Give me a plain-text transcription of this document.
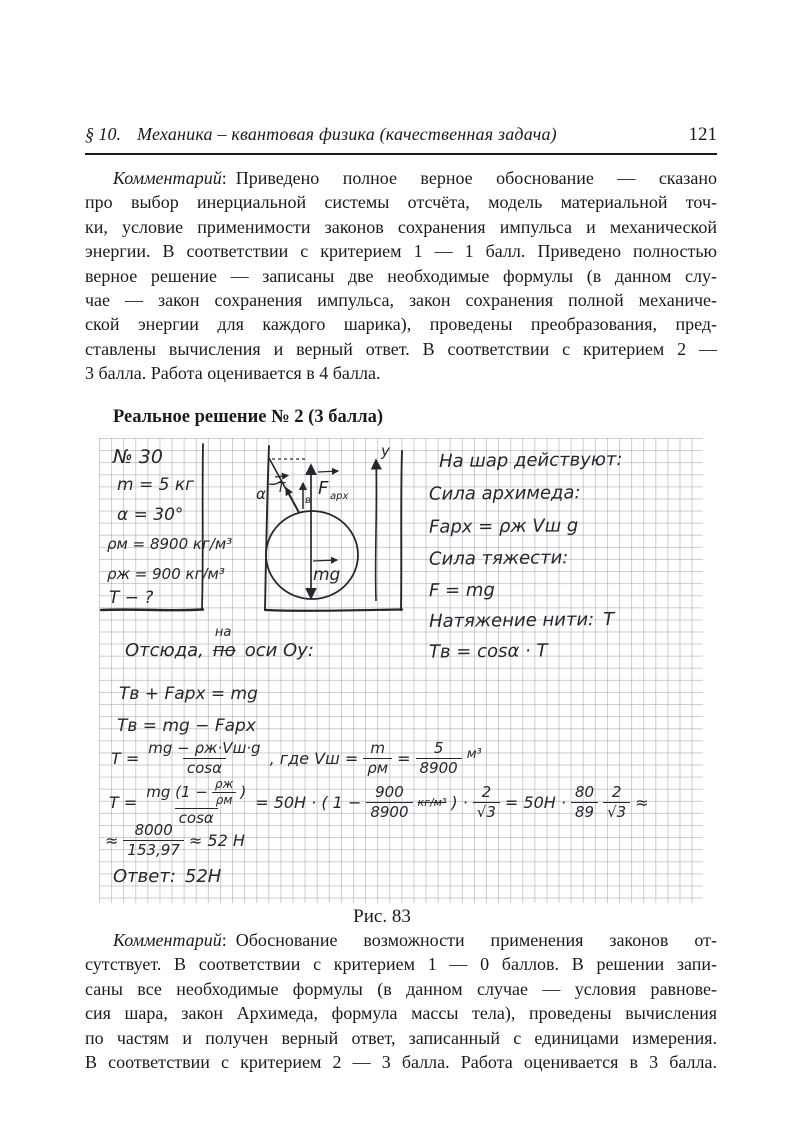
§ 10. Механика – квантовая физика (качественная задача)	121
Комментарий: Приведено полное верное обоснование — сказано
про выбор инерциальной системы отсчёта, модель материальной точ-
ки, условие применимости законов сохранения импульса и механической
энергии. В соответствии с критерием 1 — 1 балл. Приведено полностью
верное решение — записаны две необходимые формулы (в данном слу-
чае — закон сохранения импульса, закон сохранения полной механиче-
ской энергии для каждого шарика), проведены преобразования, пред-
ставлены вычисления и верный ответ. В соответствии с критерием 2 —
3 балла. Работа оценивается в 4 балла.
Реальное решение № 2 (3 балла)
α T
в
F арх
mg
y
№ 30
m = 5 кг
α = 30°
ρм = 8900 кг/м³
ρж = 900 кг/м³
T − ?
На шар действуют:
Сила архимеда:
Fарх = ρж Vш g
Сила тяжести:
F = mg
Натяжение нити: T
Tв = cosα · T
Отсюда,
на
по оси Оу:
Tв + Fарх = mg
Tв = mg − Fарх
$T = \frac{mg - \rho ж\cdot Vш\cdot g}{\cos\alpha}$ , где Vш = $\frac{m}{\rho м} = \frac{5}{8900} м^3$
$T = \frac{mg (1 - \frac{\rho ж}{\rho м} )}{\cos\alpha} = 50Н$ · ( $1 - \frac{900}{8900} кг/м^3$ ) · $\frac{2}{√3} = 50Н \cdot \frac{80}{89} \frac{2}{√3}$ ≈
≈ $\frac{8000}{153,97} \approx 52$ Н
Ответ: 52Н
Рис. 83
Комментарий: Обоснование возможности применения законов от-
сутствует. В соответствии с критерием 1 — 0 баллов. В решении запи-
саны все необходимые формулы (в данном случае — условия равнове-
сия шара, закон Архимеда, формула массы тела), проведены вычисления
по частям и получен верный ответ, записанный с единицами измерения.
В соответствии с критерием 2 — 3 балла. Работа оценивается в 3 балла.
